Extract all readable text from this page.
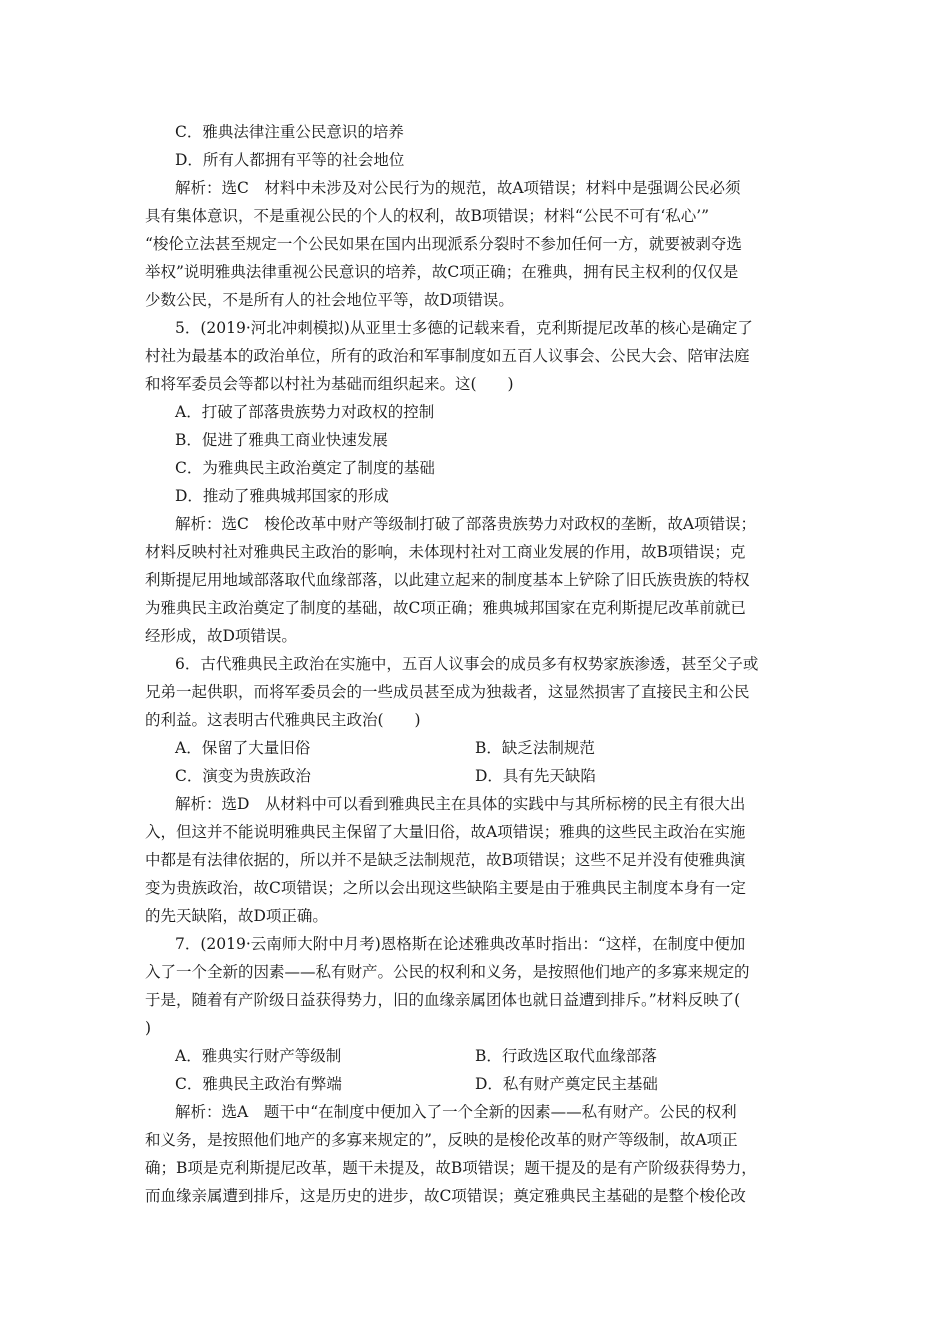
C．雅典法律注重公民意识的培养
D．所有人都拥有平等的社会地位
解析：选C　材料中未涉及对公民行为的规范，故A项错误；材料中是强调公民必须
具有集体意识，不是重视公民的个人的权利，故B项错误；材料“公民不可有‘私心’”
“梭伦立法甚至规定一个公民如果在国内出现派系分裂时不参加任何一方，就要被剥夺选
举权”说明雅典法律重视公民意识的培养，故C项正确；在雅典，拥有民主权利的仅仅是
少数公民，不是所有人的社会地位平等，故D项错误。
5．(2019·河北冲刺模拟)从亚里士多德的记载来看，克利斯提尼改革的核心是确定了
村社为最基本的政治单位，所有的政治和军事制度如五百人议事会、公民大会、陪审法庭
和将军委员会等都以村社为基础而组织起来。这(　　)
A．打破了部落贵族势力对政权的控制
B．促进了雅典工商业快速发展
C．为雅典民主政治奠定了制度的基础
D．推动了雅典城邦国家的形成
解析：选C　梭伦改革中财产等级制打破了部落贵族势力对政权的垄断，故A项错误；
材料反映村社对雅典民主政治的影响，未体现村社对工商业发展的作用，故B项错误；克
利斯提尼用地域部落取代血缘部落，以此建立起来的制度基本上铲除了旧氏族贵族的特权
为雅典民主政治奠定了制度的基础，故C项正确；雅典城邦国家在克利斯提尼改革前就已
经形成，故D项错误。
6．古代雅典民主政治在实施中，五百人议事会的成员多有权势家族渗透，甚至父子或
兄弟一起供职，而将军委员会的一些成员甚至成为独裁者，这显然损害了直接民主和公民
的利益。这表明古代雅典民主政治(　　)
A．保留了大量旧俗	B．缺乏法制规范
C．演变为贵族政治	D．具有先天缺陷
解析：选D　从材料中可以看到雅典民主在具体的实践中与其所标榜的民主有很大出
入，但这并不能说明雅典民主保留了大量旧俗，故A项错误；雅典的这些民主政治在实施
中都是有法律依据的，所以并不是缺乏法制规范，故B项错误；这些不足并没有使雅典演
变为贵族政治，故C项错误；之所以会出现这些缺陷主要是由于雅典民主制度本身有一定
的先天缺陷，故D项正确。
7．(2019·云南师大附中月考)恩格斯在论述雅典改革时指出：“这样，在制度中便加
入了一个全新的因素——私有财产。公民的权利和义务，是按照他们地产的多寡来规定的
于是，随着有产阶级日益获得势力，旧的血缘亲属团体也就日益遭到排斥。”材料反映了(
)
A．雅典实行财产等级制	B．行政选区取代血缘部落
C．雅典民主政治有弊端	D．私有财产奠定民主基础
解析：选A　题干中“在制度中便加入了一个全新的因素——私有财产。公民的权利
和义务，是按照他们地产的多寡来规定的”，反映的是梭伦改革的财产等级制，故A项正
确；B项是克利斯提尼改革，题干未提及，故B项错误；题干提及的是有产阶级获得势力，
而血缘亲属遭到排斥，这是历史的进步，故C项错误；奠定雅典民主基础的是整个梭伦改
